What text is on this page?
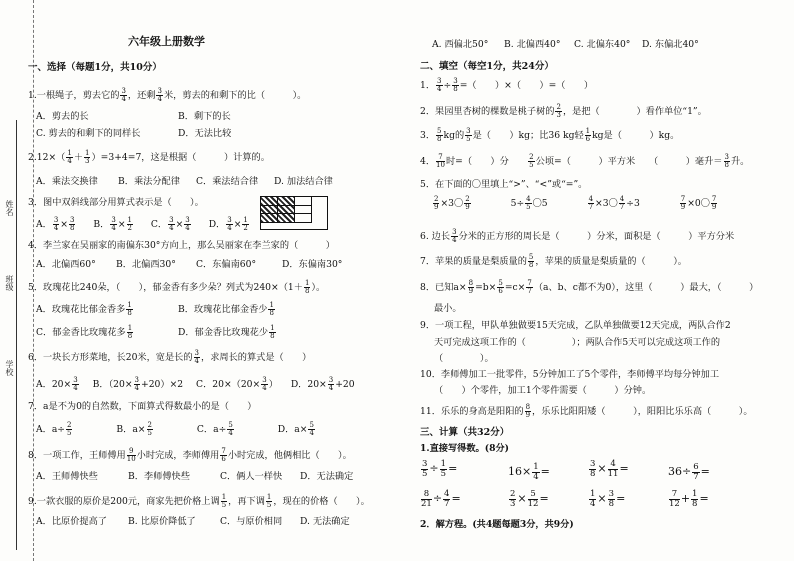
姓名
班级
学校
六年级上册数学
一、选择（每题1分，共10分）
1.一根绳子，剪去它的 $\frac{3}{4}$ ，还剩 $\frac{3}{4}$ 米，剪去的和剩下的比（　　　）。
A．剪去的长	B．剩下的长
C. 剪去的和剩下的同样长	D．无法比较
$2.12\times( \frac{1}{4} + \frac{1}{3} )=3+4=7$，这是根据（　　　）计算的。
A．乘法交换律 B．乘法分配律 C．乘法结合律 D. 加法结合律
3．图中双斜线部分用算式表示是（　　）。
A． $\frac{3}{4} \times \frac{3}{8}$ B． $\frac{3}{4} \times \frac{1}{2}$ C． $\frac{3}{4} \times \frac{3}{4}$ D． $\frac{3}{4} \times \frac{1}{2}$
4．李兰家在吴丽家的南偏东30°方向上，那么吴丽家在李兰家的（　　　）
A．北偏西60° B．北偏西30° C．东偏南60°	D．东偏南30°
5．玫瑰花比240朵，（　　），郁金香有多少朵？列式为$240\times(1+ \frac{1}{8}$ ）。
A．玫瑰花比郁金香多 $\frac{1}{8}$	B．玫瑰花比郁金香少 $\frac{1}{8}$
C．郁金香比玫瑰花多 $\frac{1}{8}$	D．郁金香比玫瑰花少 $\frac{1}{8}$
6．一块长方形菜地，长20米，宽是长的 $\frac{3}{4}$ ，求周长的算式是（　　）
A．$20\times \frac{3}{4}$ B．$(20\times \frac{3}{4} +20)\times 2$ C．$20\times(20\times \frac{3}{4}$ ） D．$20\times \frac{3}{4} +20$
7．a是不为0的自然数，下面算式得数最小的是（　　）
A．$a\div \frac{2}{5}$	B．$a\times \frac{2}{5}$	C．$a\div \frac{5}{4}$	D．$a\times \frac{5}{4}$
8．一项工作，王师傅用 $\frac{9}{10}$ 小时完成，李师傅用 $\frac{7}{6}$ 小时完成，他俩相比（　　）。
A．王师傅快些	B．李师傅快些	C．俩人一样快 D．无法确定
9.一款衣服的原价是200元，商家先把价格上调 $\frac{1}{5}$ ，再下调 $\frac{1}{5}$ ，现在的价格（　　）。
A．比原价提高了 B. 比原价降低了	C．与原价相同 D. 无法确定
A. 西偏北50° B. 北偏西40° C. 北偏东40° D. 东偏北40°
二、填空（每空1分，共24分）
1． $\frac{3}{4} \div \frac{3}{8}$ =（　　）×（　　）=（　　）
2．果园里杏树的棵数是桃子树的 $\frac{2}{3}$ ，是把（　　　　）看作单位“1”。
3． $\frac{5}{8}$ kg的 $\frac{3}{5}$ 是（　　）kg；比36 kg轻 $\frac{1}{6}$ kg是（　　　）kg。
4． $\frac{7}{10}$ 时=（　　）分　　 $\frac{2}{5}$ 公顷=（　　　）平方米　　（　　　）毫升＝ $\frac{3}{8}$ 升。
5．在下面的〇里填上“>”、“<”或“=”。
$\frac{2}{9} \times 3$〇 $\frac{2}{9}$	$5\div \frac{4}{5}$ 〇5	$\frac{4}{7} \times 3$〇 $\frac{4}{7} \div 3$	$\frac{7}{9} \times 0$〇 $\frac{7}{9}$
6. 边长 $\frac{3}{4}$ 分米的正方形的周长是（　　　）分米，面积是（　　　）平方分米
7．苹果的质量是梨质量的 $\frac{5}{8}$ ，苹果的质量是梨质量的（　　　）。
8．已知$a\times \frac{8}{9} =b\times \frac{5}{6} =c\times \frac{7}{7} (a$、b、c都不为0），这里（　　　）最大，（　　　）
最小。
9．一项工程，甲队单独做要15天完成，乙队单独做要12天完成，两队合作2
天可完成这项工作的（　　　　　）；两队合作5天可以完成这项工作的
（　　　　）。
10．李师傅加工一批零件，5分钟加工了5个零件，李师傅平均每分钟加工
（　　）个零件，加工1个零件需要（　　　）分钟。
11．乐乐的身高是阳阳的 $\frac{8}{9}$ ，乐乐比阳阳矮（　　　），阳阳比乐乐高（　　　）。
三、计算（共32分）
1.直接写得数。(8分)
$\frac{3}{5} \div \frac{1}{5}$ =	$16\times \frac{1}{4}$ =	$\frac{3}{8} \times \frac{4}{11}$ =	$36\div \frac{6}{7}$ =
$\frac{8}{21} \div \frac{4}{7}$ =	$\frac{2}{3} \times \frac{5}{12}$ =	$\frac{1}{4} \times \frac{3}{8}$ =	$\frac{7}{12} + \frac{1}{8}$ =
2．解方程。(共4题每题3分，共9分)
